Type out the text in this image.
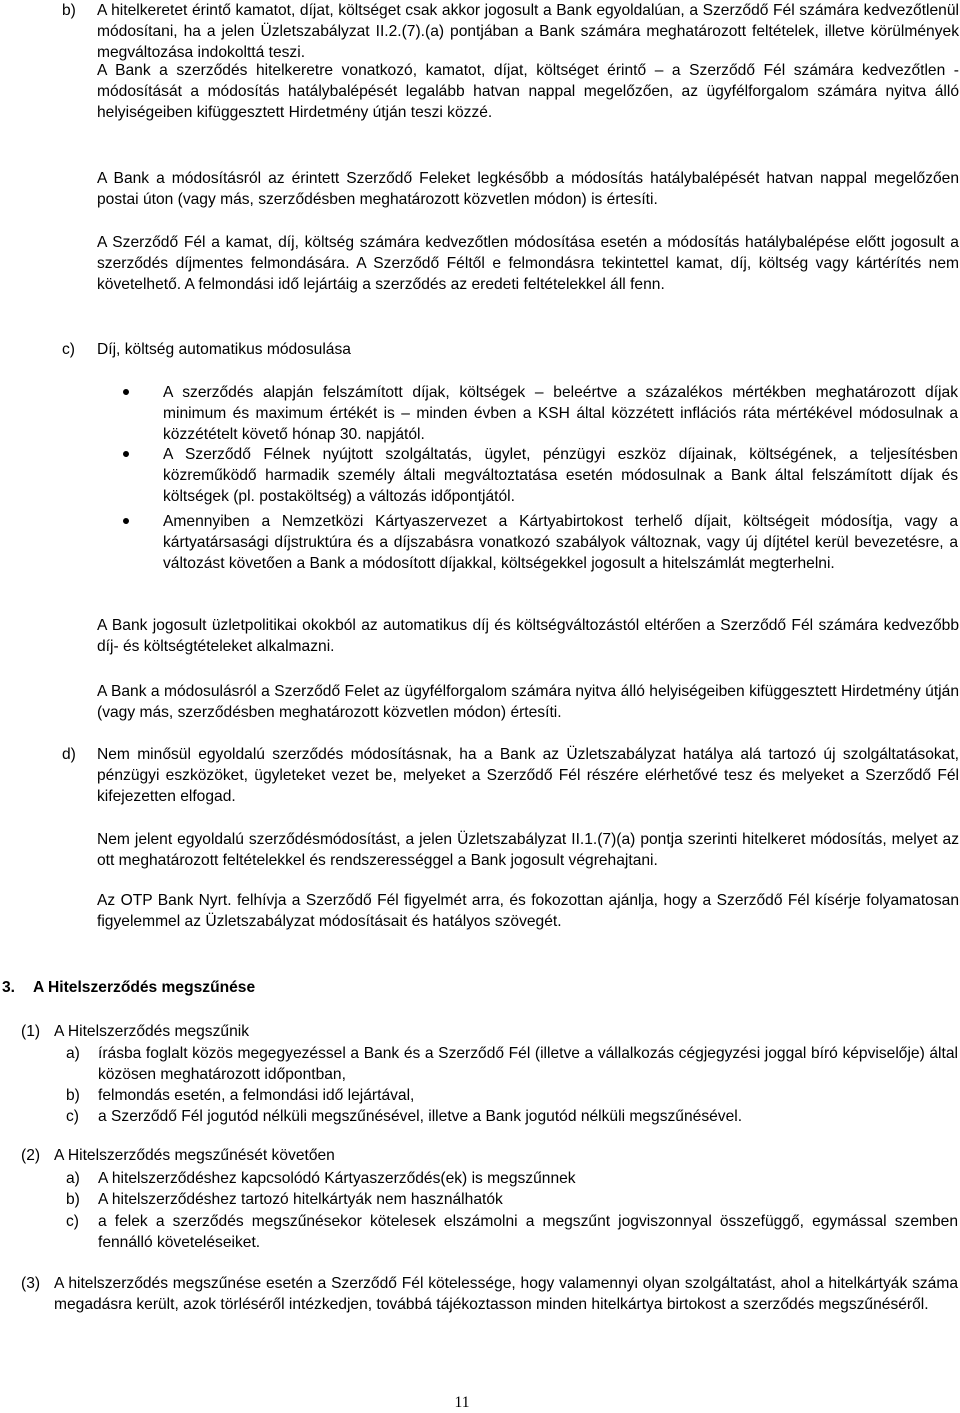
b) A hitelkeretet érintő kamatot, díjat, költséget csak akkor jogosult a Bank egyoldalúan, a Szerződő Fél számára kedvezőtlenül módosítani, ha a jelen Üzletszabályzat II.2.(7).(a) pontjában a Bank számára meghatározott feltételek, illetve körülmények megváltozása indokolttá teszi.
A Bank a szerződés hitelkeretre vonatkozó, kamatot, díjat, költséget érintő – a Szerződő Fél számára kedvezőtlen - módosítását a módosítás hatálybalépését legalább hatvan nappal megelőzően, az ügyfélforgalom számára nyitva álló helyiségeiben kifüggesztett Hirdetmény útján teszi közzé.
A Bank a módosításról az érintett Szerződő Feleket legkésőbb a módosítás hatálybalépését hatvan nappal megelőzően postai úton (vagy más, szerződésben meghatározott közvetlen módon) is értesíti.
A Szerződő Fél a kamat, díj, költség számára kedvezőtlen módosítása esetén a módosítás hatálybalépése előtt jogosult a szerződés díjmentes felmondására. A Szerződő Féltől e felmondásra tekintettel kamat, díj, költség vagy kártérítés nem követelhető. A felmondási idő lejártáig a szerződés az eredeti feltételekkel áll fenn.
c) Díj, költség automatikus módosulása
A szerződés alapján felszámított díjak, költségek – beleértve a százalékos mértékben meghatározott díjak minimum és maximum értékét is – minden évben a KSH által közzétett inflációs ráta mértékével módosulnak a közzétételt követő hónap 30. napjától.
A Szerződő Félnek nyújtott szolgáltatás, ügylet, pénzügyi eszköz díjainak, költségének, a teljesítésben közreműködő harmadik személy általi megváltoztatása esetén módosulnak a Bank által felszámított díjak és költségek (pl. postaköltség) a változás időpontjától.
Amennyiben a Nemzetközi Kártyaszervezet a Kártyabirtokost terhelő díjait, költségeit módosítja, vagy a kártyatársasági díjstruktúra és a díjszabásra vonatkozó szabályok változnak, vagy új díjtétel kerül bevezetésre, a változást követően a Bank a módosított díjakkal, költségekkel jogosult a hitelszámlát megterhelni.
A Bank jogosult üzletpolitikai okokból az automatikus díj és költségváltozástól eltérően a Szerződő Fél számára kedvezőbb díj- és költségtételeket alkalmazni.
A Bank a módosulásról a Szerződő Felet az ügyfélforgalom számára nyitva álló helyiségeiben kifüggesztett Hirdetmény útján (vagy más, szerződésben meghatározott közvetlen módon) értesíti.
d) Nem minősül egyoldalú szerződés módosításnak, ha a Bank az Üzletszabályzat hatálya alá tartozó új szolgáltatásokat, pénzügyi eszközöket, ügyleteket vezet be, melyeket a Szerződő Fél részére elérhetővé tesz és melyeket a Szerződő Fél kifejezetten elfogad.
Nem jelent egyoldalú szerződésmódosítást, a jelen Üzletszabályzat II.1.(7)(a) pontja szerinti hitelkeret módosítás, melyet az ott meghatározott feltételekkel és rendszerességgel a Bank jogosult végrehajtani.
Az OTP Bank Nyrt. felhívja a Szerződő Fél figyelmét arra, és fokozottan ajánlja, hogy a Szerződő Fél kísérje folyamatosan figyelemmel az Üzletszabályzat módosításait és hatályos szövegét.
3. A Hitelszerződés megszűnése
(1) A Hitelszerződés megszűnik
a) írásba foglalt közös megegyezéssel a Bank és a Szerződő Fél (illetve a vállalkozás cégjegyzési joggal bíró képviselője) által közösen meghatározott időpontban,
b) felmondás esetén, a felmondási idő lejártával,
c) a Szerződő Fél jogutód nélküli megszűnésével, illetve a Bank jogutód nélküli megszűnésével.
(2) A Hitelszerződés megszűnését követően
a) A hitelszerződéshez kapcsolódó Kártyaszerződés(ek) is megszűnnek
b) A hitelszerződéshez tartozó hitelkártyák nem használhatók
c) a felek a szerződés megszűnésekor kötelesek elszámolni a megszűnt jogviszonnyal összefüggő, egymással szemben fennálló követeléseiket.
(3) A hitelszerződés megszűnése esetén a Szerződő Fél kötelessége, hogy valamennyi olyan szolgáltatást, ahol a hitelkártyák száma megadásra került, azok törléséről intézkedjen, továbbá tájékoztasson minden hitelkártya birtokost a szerződés megszűnéséről.
11
